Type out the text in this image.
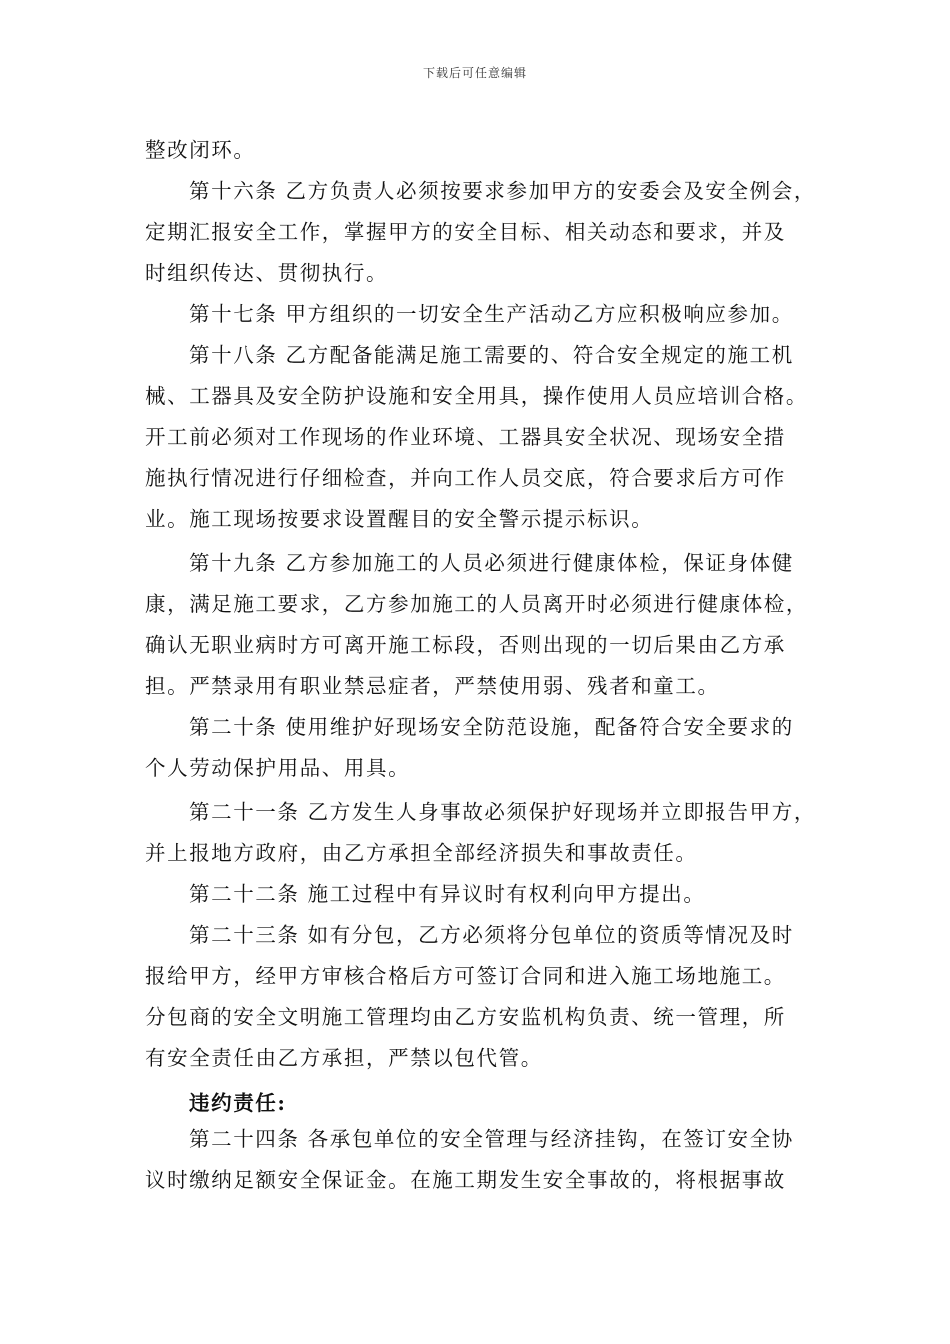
下载后可任意编辑
整改闭环。
第十六条 乙方负责人必须按要求参加甲方的安委会及安全例会，
定期汇报安全工作，掌握甲方的安全目标、相关动态和要求，并及
时组织传达、贯彻执行。
第十七条 甲方组织的一切安全生产活动乙方应积极响应参加。
第十八条 乙方配备能满足施工需要的、符合安全规定的施工机
械、工器具及安全防护设施和安全用具，操作使用人员应培训合格。
开工前必须对工作现场的作业环境、工器具安全状况、现场安全措
施执行情况进行仔细检查，并向工作人员交底，符合要求后方可作
业。施工现场按要求设置醒目的安全警示提示标识。
第十九条 乙方参加施工的人员必须进行健康体检，保证身体健
康，满足施工要求，乙方参加施工的人员离开时必须进行健康体检，
确认无职业病时方可离开施工标段，否则出现的一切后果由乙方承
担。严禁录用有职业禁忌症者，严禁使用弱、残者和童工。
第二十条 使用维护好现场安全防范设施，配备符合安全要求的
个人劳动保护用品、用具。
第二十一条 乙方发生人身事故必须保护好现场并立即报告甲方，
并上报地方政府，由乙方承担全部经济损失和事故责任。
第二十二条 施工过程中有异议时有权利向甲方提出。
第二十三条 如有分包，乙方必须将分包单位的资质等情况及时
报给甲方，经甲方审核合格后方可签订合同和进入施工场地施工。
分包商的安全文明施工管理均由乙方安监机构负责、统一管理，所
有安全责任由乙方承担，严禁以包代管。
违约责任:
第二十四条 各承包单位的安全管理与经济挂钩，在签订安全协
议时缴纳足额安全保证金。在施工期发生安全事故的，将根据事故
